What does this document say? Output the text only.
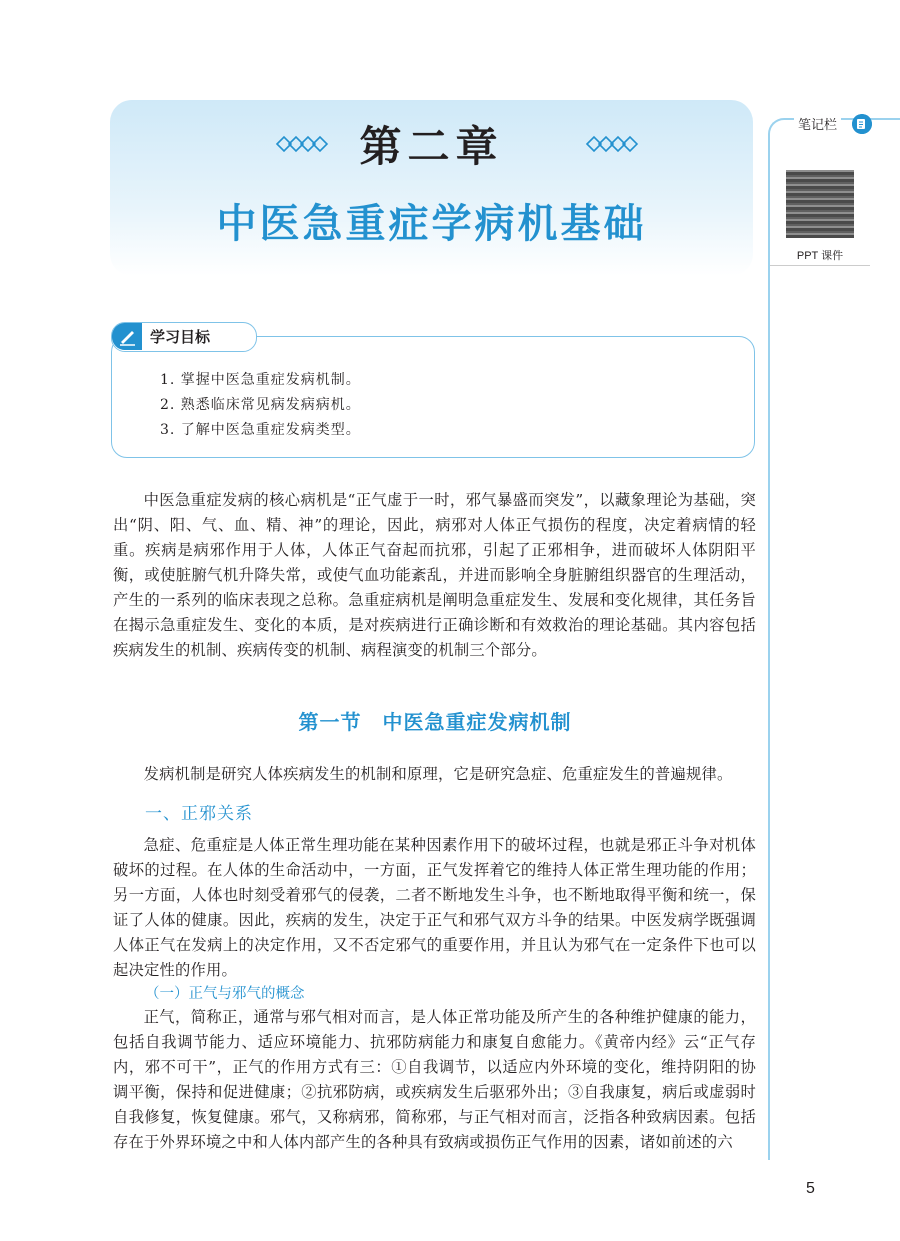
第二章
中医急重症学病机基础
笔记栏
PPT 课件
学习目标
1. 掌握中医急重症发病机制。
2. 熟悉临床常见病发病病机。
3. 了解中医急重症发病类型。

中医急重症发病的核心病机是“正气虚于一时，邪气暴盛而突发”，以藏象理论为基础，突出“阴、阳、气、血、精、神”的理论，因此，病邪对人体正气损伤的程度，决定着病情的轻重。疾病是病邪作用于人体，人体正气奋起而抗邪，引起了正邪相争，进而破坏人体阴阳平衡，或使脏腑气机升降失常，或使气血功能紊乱，并进而影响全身脏腑组织器官的生理活动，产生的一系列的临床表现之总称。急重症病机是阐明急重症发生、发展和变化规律，其任务旨在揭示急重症发生、变化的本质，是对疾病进行正确诊断和有效救治的理论基础。其内容包括疾病发生的机制、疾病传变的机制、病程演变的机制三个部分。

第一节　中医急重症发病机制

发病机制是研究人体疾病发生的机制和原理，它是研究急症、危重症发生的普遍规律。

一、正邪关系

急症、危重症是人体正常生理功能在某种因素作用下的破坏过程，也就是邪正斗争对机体破坏的过程。在人体的生命活动中，一方面，正气发挥着它的维持人体正常生理功能的作用；另一方面，人体也时刻受着邪气的侵袭，二者不断地发生斗争，也不断地取得平衡和统一，保证了人体的健康。因此，疾病的发生，决定于正气和邪气双方斗争的结果。中医发病学既强调人体正气在发病上的决定作用，又不否定邪气的重要作用，并且认为邪气在一定条件下也可以起决定性的作用。

（一）正气与邪气的概念

正气，简称正，通常与邪气相对而言，是人体正常功能及所产生的各种维护健康的能力，包括自我调节能力、适应环境能力、抗邪防病能力和康复自愈能力。《黄帝内经》云“正气存内，邪不可干”，正气的作用方式有三：①自我调节，以适应内外环境的变化，维持阴阳的协调平衡，保持和促进健康；②抗邪防病，或疾病发生后驱邪外出；③自我康复，病后或虚弱时自我修复，恢复健康。邪气，又称病邪，简称邪，与正气相对而言，泛指各种致病因素。包括存在于外界环境之中和人体内部产生的各种具有致病或损伤正气作用的因素，诸如前述的六

5
